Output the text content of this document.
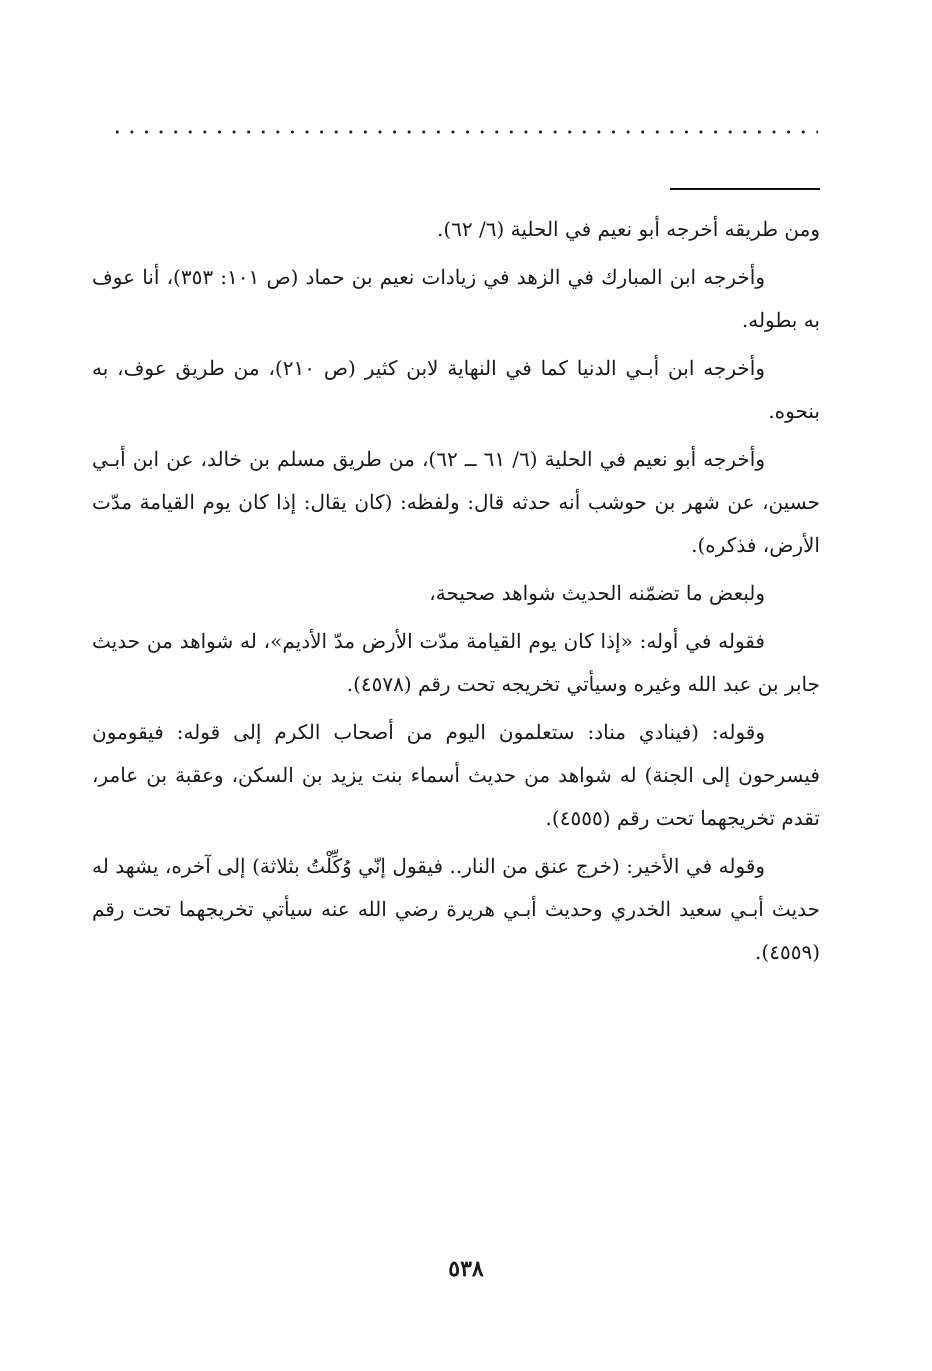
ومن طريقه أخرجه أبو نعيم في الحلية (٦/ ٦٢).

وأخرجه ابن المبارك في الزهد في زيادات نعيم بن حماد (ص ١٠١: ٣٥٣)، أنا عوف به بطوله.

وأخرجه ابن أبـي الدنيا كما في النهاية لابن كثير (ص ٢١٠)، من طريق عوف، به بنحوه.

وأخرجه أبو نعيم في الحلية (٦/ ٦١ ــ ٦٢)، من طريق مسلم بن خالد، عن ابن أبـي حسين، عن شهر بن حوشب أنه حدثه قال: ولفظه: (كان يقال: إذا كان يوم القيامة مدّت الأرض، فذكره).

ولبعض ما تضمّنه الحديث شواهد صحيحة،

فقوله في أوله: «إذا كان يوم القيامة مدّت الأرض مدّ الأديم»، له شواهد من حديث جابر بن عبد الله وغيره وسيأتي تخريجه تحت رقم (٤٥٧٨).

وقوله: (فينادي مناد: ستعلمون اليوم من أصحاب الكرم إلى قوله: فيقومون فيسرحون إلى الجنة) له شواهد من حديث أسماء بنت يزيد بن السكن، وعقبة بن عامر، تقدم تخريجهما تحت رقم (٤٥٥٥).

وقوله في الأخير: (خرج عنق من النار.. فيقول إنّي وُكِّلْتُ بثلاثة) إلى آخره، يشهد له حديث أبـي سعيد الخدري وحديث أبـي هريرة رضي الله عنه سيأتي تخريجهما تحت رقم (٤٥٥٩).

٥٣٨
